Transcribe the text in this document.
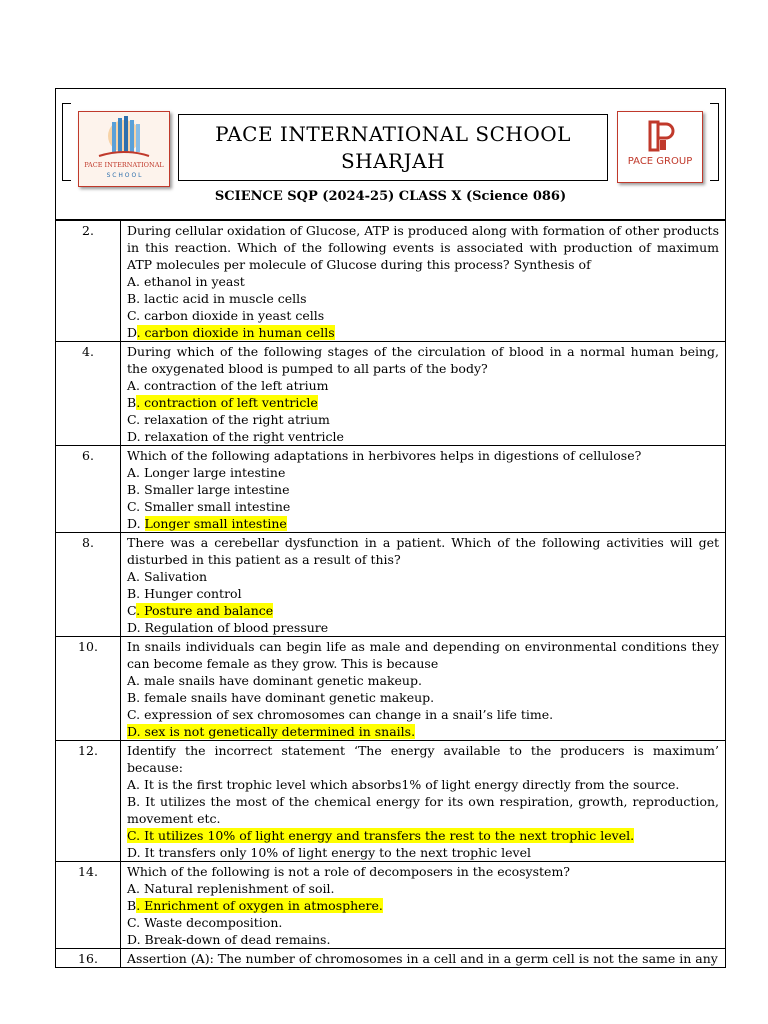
PACE INTERNATIONAL
S C H O O L
PACE INTERNATIONAL SCHOOL
SHARJAH	PACE GROUP
SCIENCE SQP (2024-25) CLASS X (Science 086)
2.	During cellular oxidation of Glucose, ATP is produced along with formation of other products in this reaction. Which of the following events is associated with production of maximum ATP molecules per molecule of Glucose during this process? Synthesis of
A. ethanol in yeast
B. lactic acid in muscle cells
C. carbon dioxide in yeast cells
D. carbon dioxide in human cells

4.	During which of the following stages of the circulation of blood in a normal human being, the oxygenated blood is pumped to all parts of the body?
A. contraction of the left atrium
B. contraction of left ventricle
C. relaxation of the right atrium
D. relaxation of the right ventricle

6.	Which of the following adaptations in herbivores helps in digestions of cellulose?
A. Longer large intestine
B. Smaller large intestine
C. Smaller small intestine
D. Longer small intestine

8.	There was a cerebellar dysfunction in a patient. Which of the following activities will get disturbed in this patient as a result of this?
A. Salivation
B. Hunger control
C. Posture and balance
D. Regulation of blood pressure

10.	In snails individuals can begin life as male and depending on environmental conditions they can become female as they grow. This is because
A. male snails have dominant genetic makeup.
B. female snails have dominant genetic makeup.
C. expression of sex chromosomes can change in a snail’s life time.
D. sex is not genetically determined in snails.

12.	Identify the incorrect statement ‘The energy available to the producers is maximum’ because:
A. It is the first trophic level which absorbs1% of light energy directly from the source.
B. It utilizes the most of the chemical energy for its own respiration, growth, reproduction, movement etc.
C. It utilizes 10% of light energy and transfers the rest to the next trophic level.
D. It transfers only 10% of light energy to the next trophic level

14.	Which of the following is not a role of decomposers in the ecosystem?
A. Natural replenishment of soil.
B. Enrichment of oxygen in atmosphere.
C. Waste decomposition.
D. Break-down of dead remains.

16.	Assertion (A): The number of chromosomes in a cell and in a germ cell is not the same in any
